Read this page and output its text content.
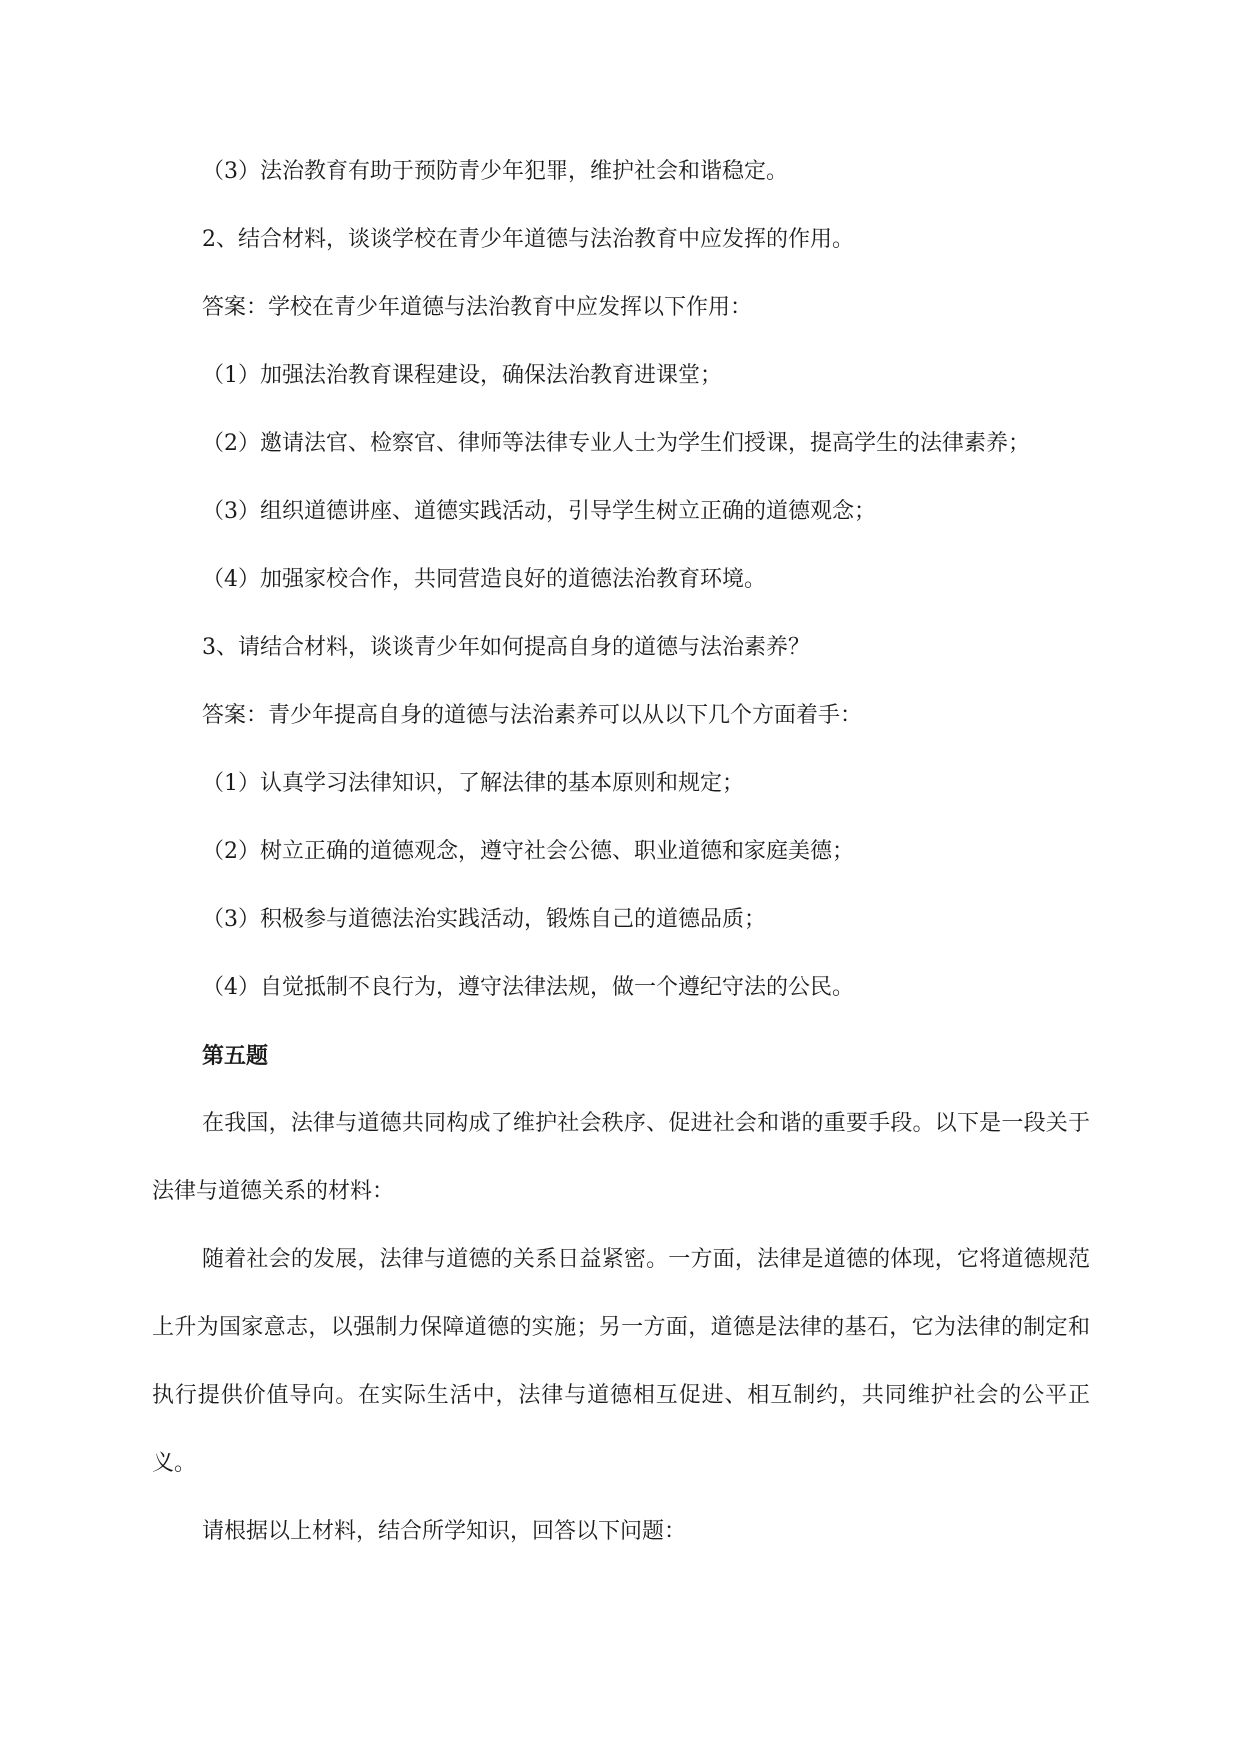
（3）法治教育有助于预防青少年犯罪，维护社会和谐稳定。

2、结合材料，谈谈学校在青少年道德与法治教育中应发挥的作用。

答案：学校在青少年道德与法治教育中应发挥以下作用：

（1）加强法治教育课程建设，确保法治教育进课堂；

（2）邀请法官、检察官、律师等法律专业人士为学生们授课，提高学生的法律素养；

（3）组织道德讲座、道德实践活动，引导学生树立正确的道德观念；

（4）加强家校合作，共同营造良好的道德法治教育环境。

3、请结合材料，谈谈青少年如何提高自身的道德与法治素养？

答案：青少年提高自身的道德与法治素养可以从以下几个方面着手：

（1）认真学习法律知识，了解法律的基本原则和规定；

（2）树立正确的道德观念，遵守社会公德、职业道德和家庭美德；

（3）积极参与道德法治实践活动，锻炼自己的道德品质；

（4）自觉抵制不良行为，遵守法律法规，做一个遵纪守法的公民。

第五题

在我国，法律与道德共同构成了维护社会秩序、促进社会和谐的重要手段。以下是一段关于法律与道德关系的材料：

随着社会的发展，法律与道德的关系日益紧密。一方面，法律是道德的体现，它将道德规范上升为国家意志，以强制力保障道德的实施；另一方面，道德是法律的基石，它为法律的制定和执行提供价值导向。在实际生活中，法律与道德相互促进、相互制约，共同维护社会的公平正义。

请根据以上材料，结合所学知识，回答以下问题：
